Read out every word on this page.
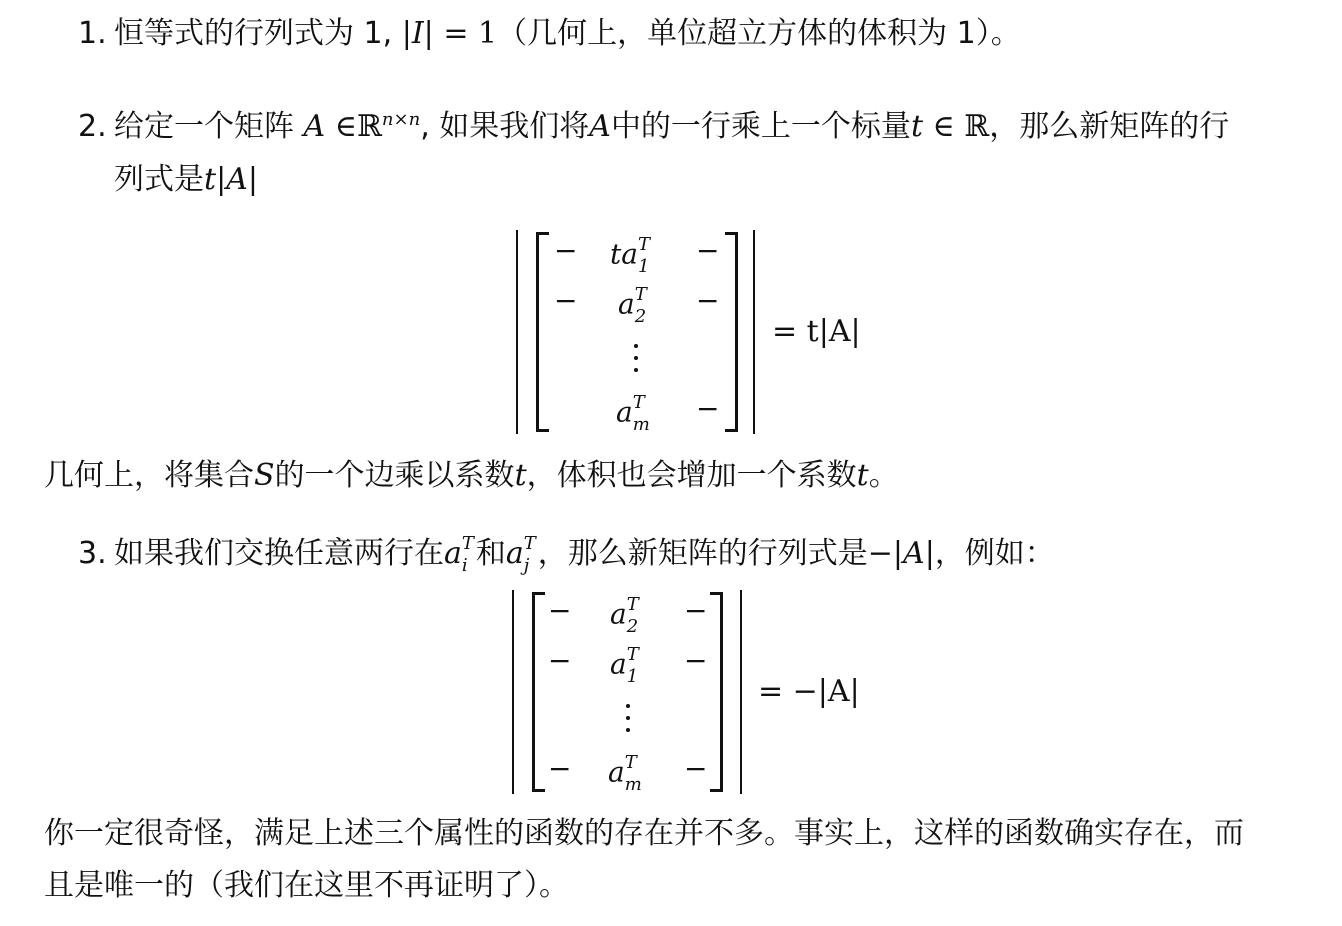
1. 恒等式的行列式为 1, |I| = 1（几何上，单位超立方体的体积为 1）。
2. 给定一个矩阵 A ∈ℝ$^{n\times n}$, 如果我们将A中的一行乘上一个标量t ∈ ℝ，那么新矩阵的行
列式是t|A|
− ta T
1 −
− a T
2 −
a T
m −
= t|A|
几何上，将集合S的一个边乘以系数t，体积也会增加一个系数t。
3. 如果我们交换任意两行在a T
i 和a T
j ，那么新矩阵的行列式是−|A|，例如：
− a T
2 −
− a T
1 −
− a T
m −
= −|A|
你一定很奇怪，满足上述三个属性的函数的存在并不多。事实上，这样的函数确实存在，而
且是唯一的（我们在这里不再证明了）。
